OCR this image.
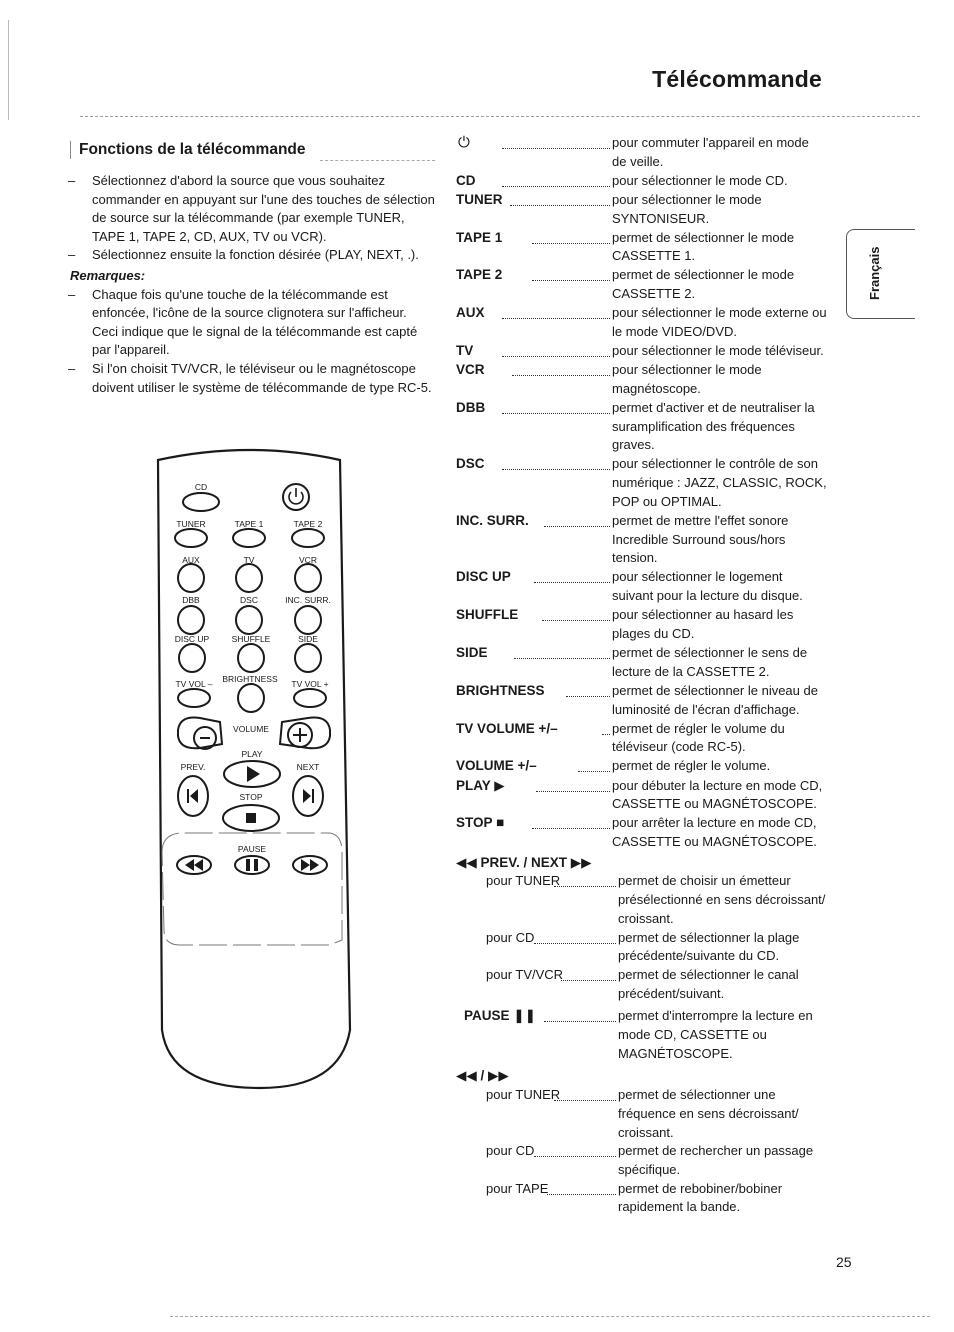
Télécommande
Fonctions de la télécommande
– Sélectionnez d'abord la source que vous souhaitez commander en appuyant sur l'une des touches de sélection de source sur la télécommande (par exemple TUNER, TAPE 1, TAPE 2, CD, AUX, TV ou VCR).
– Sélectionnez ensuite la fonction désirée (PLAY, NEXT, .).
Remarques:
– Chaque fois qu'une touche de la télécommande est enfoncée, l'icône de la source clignotera sur l'afficheur. Ceci indique que le signal de la télécommande est capté par l'appareil.
– Si l'on choisit TV/VCR, le téléviseur ou le magnétoscope doivent utiliser le système de télécommande de type RC-5.
CD
TUNER	TAPE 1	TAPE 2
AUX	TV	VCR
DBB	DSC	INC. SURR.
DISC UP	SHUFFLE	SIDE
TV VOL – BRIGHTNESS TV VOL +
VOLUME
PLAY
PREV.	NEXT
STOP
PAUSE
⏻	pour commuter l'appareil en mode
de veille.
CD	pour sélectionner le mode CD.
TUNER	pour sélectionner le mode
SYNTONISEUR.
TAPE 1	permet de sélectionner le mode
CASSETTE 1.
TAPE 2	permet de sélectionner le mode
CASSETTE 2.
AUX	pour sélectionner le mode externe ou
le mode VIDEO/DVD.
TV	pour sélectionner le mode téléviseur.
VCR	pour sélectionner le mode
magnétoscope.
DBB	permet d'activer et de neutraliser la
suramplification des fréquences
graves.
DSC	pour sélectionner le contrôle de son
numérique : JAZZ, CLASSIC, ROCK,
POP ou OPTIMAL.
INC. SURR.	permet de mettre l'effet sonore
Incredible Surround sous/hors
tension.
DISC UP	pour sélectionner le logement
suivant pour la lecture du disque.
SHUFFLE	pour sélectionner au hasard les
plages du CD.
SIDE	permet de sélectionner le sens de
lecture de la CASSETTE 2.
BRIGHTNESS	permet de sélectionner le niveau de
luminosité de l'écran d'affichage.
TV VOLUME +/–	permet de régler le volume du
téléviseur (code RC-5).
VOLUME +/–	permet de régler le volume.
PLAY ▶	pour débuter la lecture en mode CD,
CASSETTE ou MAGNÉTOSCOPE.
STOP ■	pour arrêter la lecture en mode CD,
CASSETTE ou MAGNÉTOSCOPE.
◀◀ PREV. / NEXT ▶▶
pour TUNER	permet de choisir un émetteur
présélectionné en sens décroissant/
croissant.
pour CD	permet de sélectionner la plage
précédente/suivante du CD.
pour TV/VCR	permet de sélectionner le canal
précédent/suivant.
PAUSE ❚❚	permet d'interrompre la lecture en
mode CD, CASSETTE ou
MAGNÉTOSCOPE.
◀◀ / ▶▶
pour TUNER	permet de sélectionner une
fréquence en sens décroissant/
croissant.
pour CD	permet de rechercher un passage
spécifique.
pour TAPE	permet de rebobiner/bobiner
rapidement la bande.
Français
25
